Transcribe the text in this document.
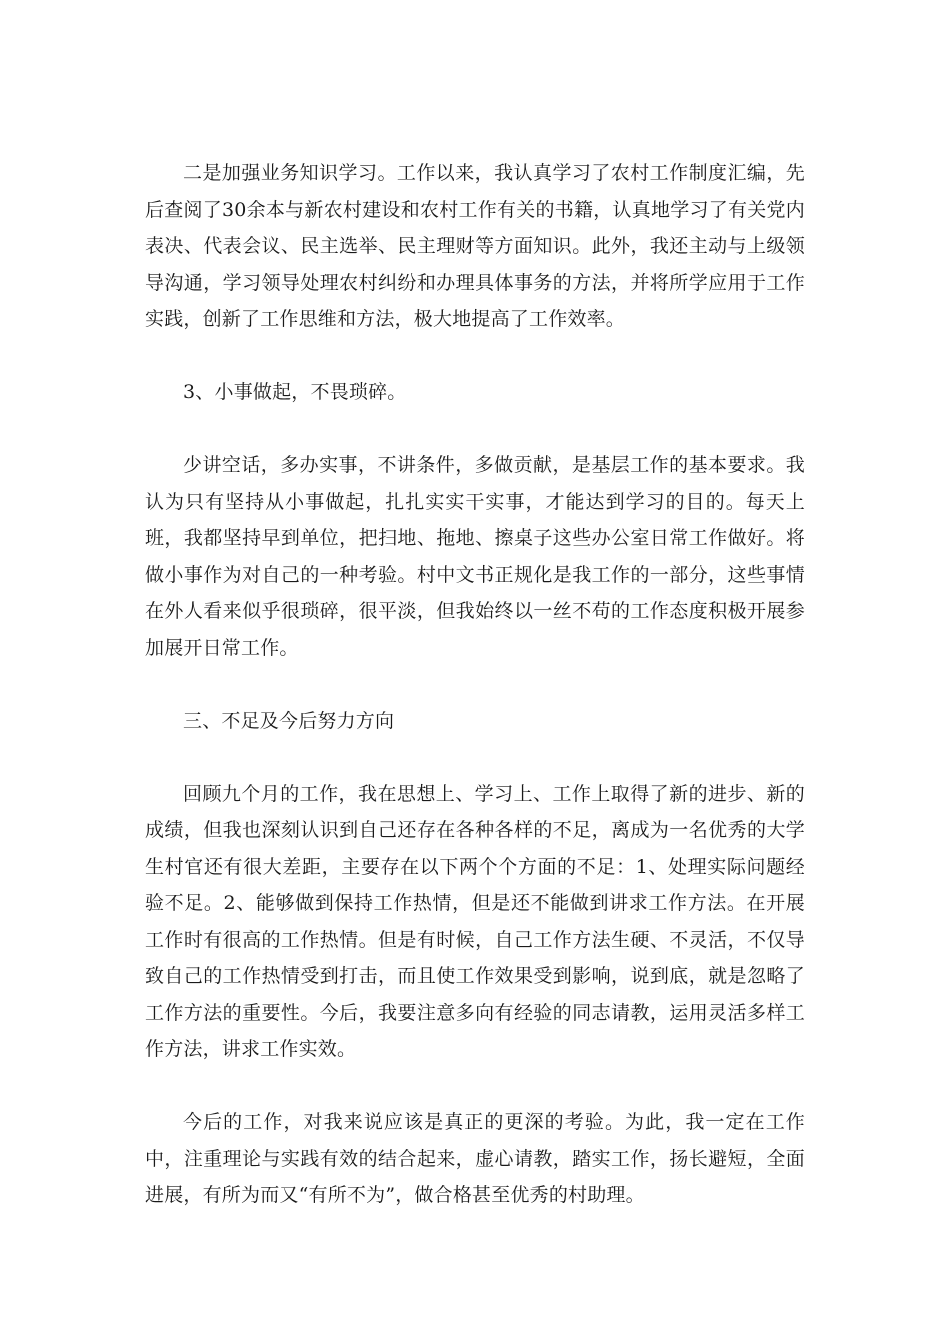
二是加强业务知识学习。工作以来，我认真学习了农村工作制度汇编，先后查阅了30余本与新农村建设和农村工作有关的书籍，认真地学习了有关党内表决、代表会议、民主选举、民主理财等方面知识。此外，我还主动与上级领导沟通，学习领导处理农村纠纷和办理具体事务的方法，并将所学应用于工作实践，创新了工作思维和方法，极大地提高了工作效率。

3、小事做起，不畏琐碎。

少讲空话，多办实事，不讲条件，多做贡献，是基层工作的基本要求。我认为只有坚持从小事做起，扎扎实实干实事，才能达到学习的目的。每天上班，我都坚持早到单位，把扫地、拖地、擦桌子这些办公室日常工作做好。将做小事作为对自己的一种考验。村中文书正规化是我工作的一部分，这些事情在外人看来似乎很琐碎，很平淡，但我始终以一丝不苟的工作态度积极开展参加展开日常工作。

三、不足及今后努力方向

回顾九个月的工作，我在思想上、学习上、工作上取得了新的进步、新的成绩，但我也深刻认识到自己还存在各种各样的不足，离成为一名优秀的大学生村官还有很大差距，主要存在以下两个个方面的不足：1、处理实际问题经验不足。2、能够做到保持工作热情，但是还不能做到讲求工作方法。在开展工作时有很高的工作热情。但是有时候，自己工作方法生硬、不灵活，不仅导致自己的工作热情受到打击，而且使工作效果受到影响，说到底，就是忽略了工作方法的重要性。今后，我要注意多向有经验的同志请教，运用灵活多样工作方法，讲求工作实效。

今后的工作，对我来说应该是真正的更深的考验。为此，我一定在工作中，注重理论与实践有效的结合起来，虚心请教，踏实工作，扬长避短，全面进展，有所为而又“有所不为”，做合格甚至优秀的村助理。
